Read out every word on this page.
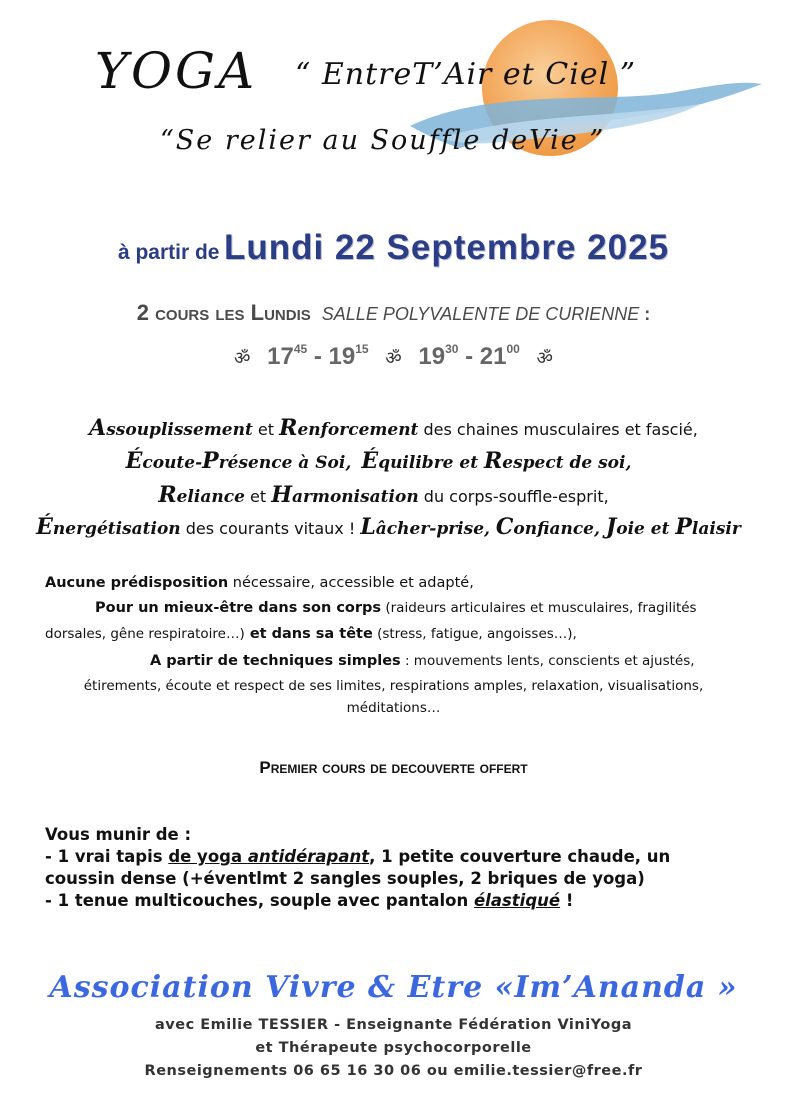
YOGA “ EntreT’Air et Ciel ”
“Se relier au Souffle deVie ”
à partir de Lundi 22 Septembre 2025
2 cours les Lundis SALLE POLYVALENTE DE CURIENNE :
ॐ $17^{45} - 19^{15}$ ॐ $19^{30} - 21^{00}$ ॐ
Assouplissement et Renforcement des chaines musculaires et fascié,
Écoute-Présence à Soi, Équilibre et Respect de soi,
Reliance et Harmonisation du corps-souffle-esprit,
Énergétisation des courants vitaux ! Lâcher-prise, Confiance, Joie et Plaisir
Aucune prédisposition nécessaire, accessible et adapté,
Pour un mieux-être dans son corps (raideurs articulaires et musculaires, fragilités
dorsales, gêne respiratoire…) et dans sa tête (stress, fatigue, angoisses…),
A partir de techniques simples : mouvements lents, conscients et ajustés,
étirements, écoute et respect de ses limites, respirations amples, relaxation, visualisations,
méditations…
Premier cours de decouverte offert
Vous munir de :
- 1 vrai tapis de yoga antidérapant, 1 petite couverture chaude, un
coussin dense (+éventlmt 2 sangles souples, 2 briques de yoga)
- 1 tenue multicouches, souple avec pantalon élastiqué !
Association Vivre & Etre «Im’Ananda »
avec Emilie TESSIER - Enseignante Fédération ViniYoga
et Thérapeute psychocorporelle
Renseignements 06 65 16 30 06 ou emilie.tessier@free.fr
